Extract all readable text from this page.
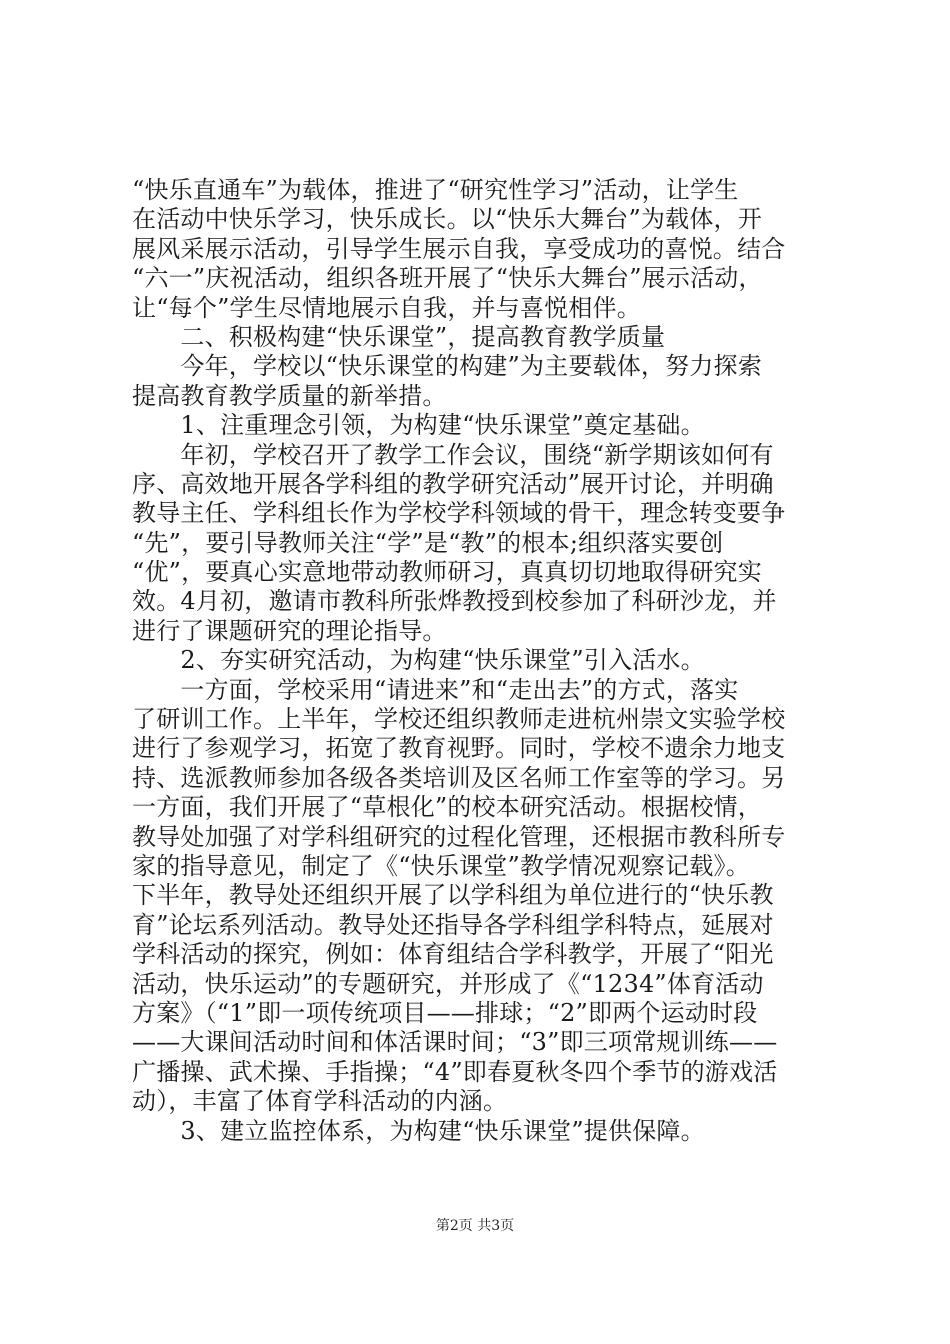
“快乐直通车”为载体，推进了“研究性学习”活动，让学生
在活动中快乐学习，快乐成长。以“快乐大舞台”为载体，开
展风采展示活动，引导学生展示自我，享受成功的喜悦。结合
“六一”庆祝活动，组织各班开展了“快乐大舞台”展示活动，
让“每个”学生尽情地展示自我，并与喜悦相伴。
　　二、积极构建“快乐课堂”，提高教育教学质量
　　今年，学校以“快乐课堂的构建”为主要载体，努力探索
提高教育教学质量的新举措。
　　1、注重理念引领，为构建“快乐课堂”奠定基础。
　　年初，学校召开了教学工作会议，围绕“新学期该如何有
序、高效地开展各学科组的教学研究活动”展开讨论，并明确
教导主任、学科组长作为学校学科领域的骨干，理念转变要争
“先”，要引导教师关注“学”是“教”的根本;组织落实要创
“优”，要真心实意地带动教师研习，真真切切地取得研究实
效。4月初，邀请市教科所张烨教授到校参加了科研沙龙，并
进行了课题研究的理论指导。
　　2、夯实研究活动，为构建“快乐课堂”引入活水。
　　一方面，学校采用“请进来”和“走出去”的方式，落实
了研训工作。上半年，学校还组织教师走进杭州崇文实验学校
进行了参观学习，拓宽了教育视野。同时，学校不遗余力地支
持、选派教师参加各级各类培训及区名师工作室等的学习。另
一方面，我们开展了“草根化”的校本研究活动。根据校情，
教导处加强了对学科组研究的过程化管理，还根据市教科所专
家的指导意见，制定了《“快乐课堂”教学情况观察记载》。
下半年，教导处还组织开展了以学科组为单位进行的“快乐教
育”论坛系列活动。教导处还指导各学科组学科特点，延展对
学科活动的探究，例如：体育组结合学科教学，开展了“阳光
活动，快乐运动”的专题研究，并形成了《“1234”体育活动
方案》（“1”即一项传统项目——排球；“2”即两个运动时段
——大课间活动时间和体活课时间；“3”即三项常规训练——
广播操、武术操、手指操；“4”即春夏秋冬四个季节的游戏活
动），丰富了体育学科活动的内涵。
　　3、建立监控体系，为构建“快乐课堂”提供保障。
第2页 共3页
